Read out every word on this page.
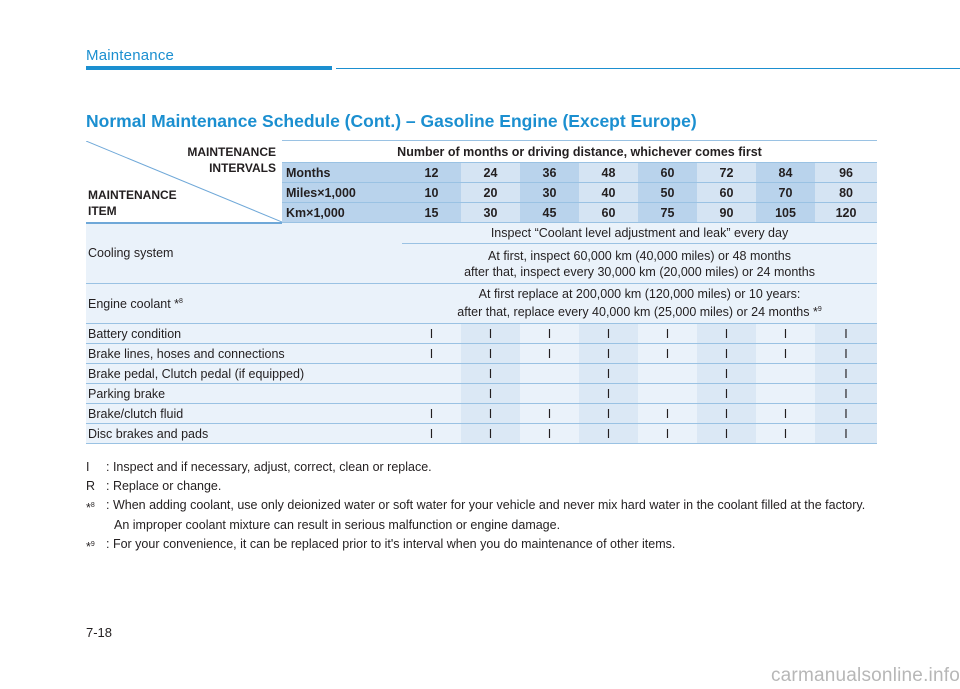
Maintenance
Normal Maintenance Schedule (Cont.) – Gasoline Engine (Except Europe)
MAINTENANCE
INTERVALS
MAINTENANCE
ITEM	Number of months or driving distance, whichever comes first								
	Months	12	24	36	48	60	72	84	96
	Miles×1,000	10	20	30	40	50	60	70	80
	Km×1,000	15	30	45	60	75	90	105	120
Cooling system		Inspect “Coolant level adjustment and leak” every day							

		At first, inspect 60,000 km (40,000 miles) or 48 months
after that, inspect every 30,000 km (20,000 miles) or 24 months							

Engine coolant *$^8$		At first replace at 200,000 km (120,000 miles) or 10 years:
after that, replace every 40,000 km (25,000 miles) or 24 months *$^9$

Battery condition		I	I	I	I	I	I	I	I
Brake lines, hoses and connections		I	I	I	I	I	I	I	I
Brake pedal, Clutch pedal (if equipped)			I		I		I		I
Parking brake			I		I		I		I
Brake/clutch fluid		I	I	I	I	I	I	I	I
Disc brakes and pads		I	I	I	I	I	I	I	I
I	: Inspect and if necessary, adjust, correct, clean or replace.
R : Replace or change.
*$^8$ : When adding coolant, use only deionized water or soft water for your vehicle and never mix hard water in the coolant filled at the factory.
An improper coolant mixture can result in serious malfunction or engine damage.
*$^9$ : For your convenience, it can be replaced prior to it's interval when you do maintenance of other items.
7-18
carmanualsonline.info
